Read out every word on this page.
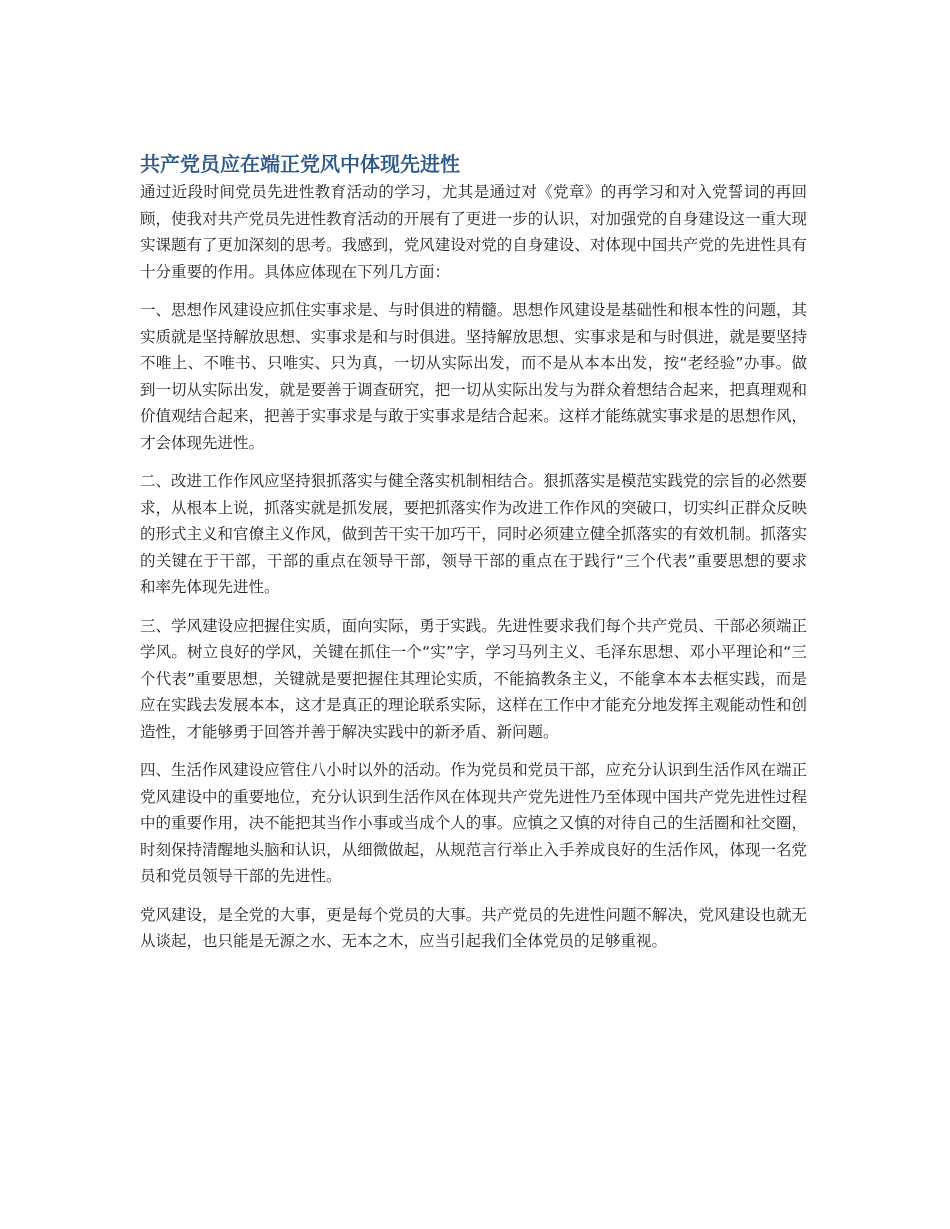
共产党员应在端正党风中体现先进性

通过近段时间党员先进性教育活动的学习，尤其是通过对《党章》的再学习和对入党誓词的再回顾，使我对共产党员先进性教育活动的开展有了更进一步的认识，对加强党的自身建设这一重大现实课题有了更加深刻的思考。我感到，党风建设对党的自身建设、对体现中国共产党的先进性具有十分重要的作用。具体应体现在下列几方面：

一、思想作风建设应抓住实事求是、与时俱进的精髓。思想作风建设是基础性和根本性的问题，其实质就是坚持解放思想、实事求是和与时俱进。坚持解放思想、实事求是和与时俱进，就是要坚持不唯上、不唯书、只唯实、只为真，一切从实际出发，而不是从本本出发，按“老经验”办事。做到一切从实际出发，就是要善于调查研究，把一切从实际出发与为群众着想结合起来，把真理观和价值观结合起来，把善于实事求是与敢于实事求是结合起来。这样才能练就实事求是的思想作风，才会体现先进性。

二、改进工作作风应坚持狠抓落实与健全落实机制相结合。狠抓落实是模范实践党的宗旨的必然要求，从根本上说，抓落实就是抓发展，要把抓落实作为改进工作作风的突破口，切实纠正群众反映的形式主义和官僚主义作风，做到苦干实干加巧干，同时必须建立健全抓落实的有效机制。抓落实的关键在于干部，干部的重点在领导干部，领导干部的重点在于践行“三个代表”重要思想的要求和率先体现先进性。

三、学风建设应把握住实质，面向实际，勇于实践。先进性要求我们每个共产党员、干部必须端正学风。树立良好的学风，关键在抓住一个“实”字，学习马列主义、毛泽东思想、邓小平理论和“三个代表”重要思想，关键就是要把握住其理论实质，不能搞教条主义，不能拿本本去框实践，而是应在实践去发展本本，这才是真正的理论联系实际，这样在工作中才能充分地发挥主观能动性和创造性，才能够勇于回答并善于解决实践中的新矛盾、新问题。

四、生活作风建设应管住八小时以外的活动。作为党员和党员干部，应充分认识到生活作风在端正党风建设中的重要地位，充分认识到生活作风在体现共产党先进性乃至体现中国共产党先进性过程中的重要作用，决不能把其当作小事或当成个人的事。应慎之又慎的对待自己的生活圈和社交圈，时刻保持清醒地头脑和认识，从细微做起，从规范言行举止入手养成良好的生活作风，体现一名党员和党员领导干部的先进性。

党风建设，是全党的大事，更是每个党员的大事。共产党员的先进性问题不解决，党风建设也就无从谈起，也只能是无源之水、无本之木，应当引起我们全体党员的足够重视。
